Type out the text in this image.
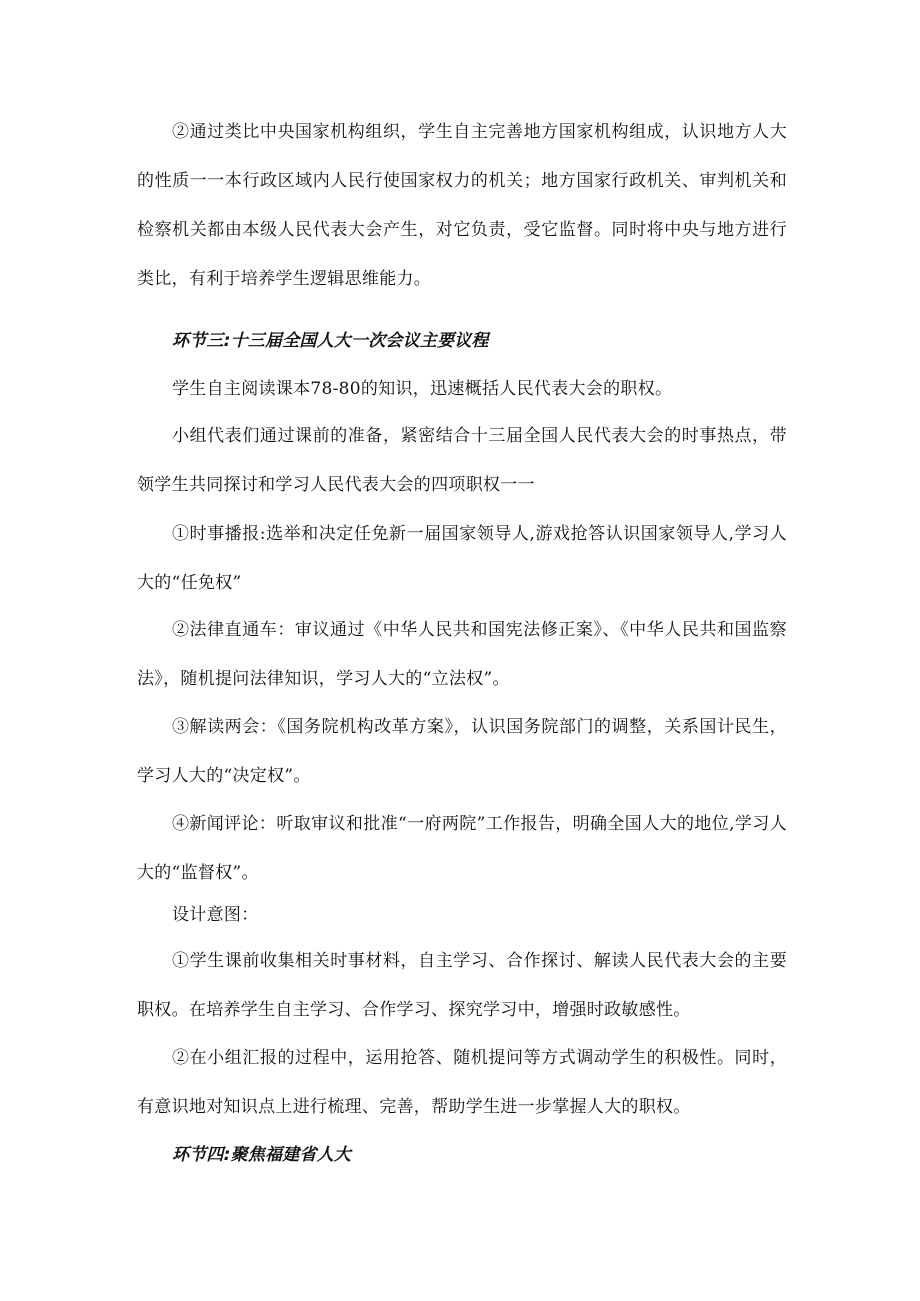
②通过类比中央国家机构组织，学生自主完善地方国家机构组成，认识地方人大的性质一一本行政区域内人民行使国家权力的机关；地方国家行政机关、审判机关和检察机关都由本级人民代表大会产生，对它负责，受它监督。同时将中央与地方进行类比，有利于培养学生逻辑思维能力。

环节三:十三届全国人大一次会议主要议程

学生自主阅读课本78-80的知识，迅速概括人民代表大会的职权。

小组代表们通过课前的准备，紧密结合十三届全国人民代表大会的时事热点，带领学生共同探讨和学习人民代表大会的四项职权一一

①时事播报:选举和决定任免新一届国家领导人,游戏抢答认识国家领导人,学习人大的“任免权”

②法律直通车：审议通过《中华人民共和国宪法修正案》、《中华人民共和国监察法》，随机提问法律知识，学习人大的“立法权”。

③解读两会：《国务院机构改革方案》，认识国务院部门的调整，关系国计民生，学习人大的“决定权”。

④新闻评论：听取审议和批准“一府两院”工作报告，明确全国人大的地位,学习人大的“监督权”。

设计意图：

①学生课前收集相关时事材料，自主学习、合作探讨、解读人民代表大会的主要职权。在培养学生自主学习、合作学习、探究学习中，增强时政敏感性。

②在小组汇报的过程中，运用抢答、随机提问等方式调动学生的积极性。同时，有意识地对知识点上进行梳理、完善，帮助学生进一步掌握人大的职权。

环节四:聚焦福建省人大
